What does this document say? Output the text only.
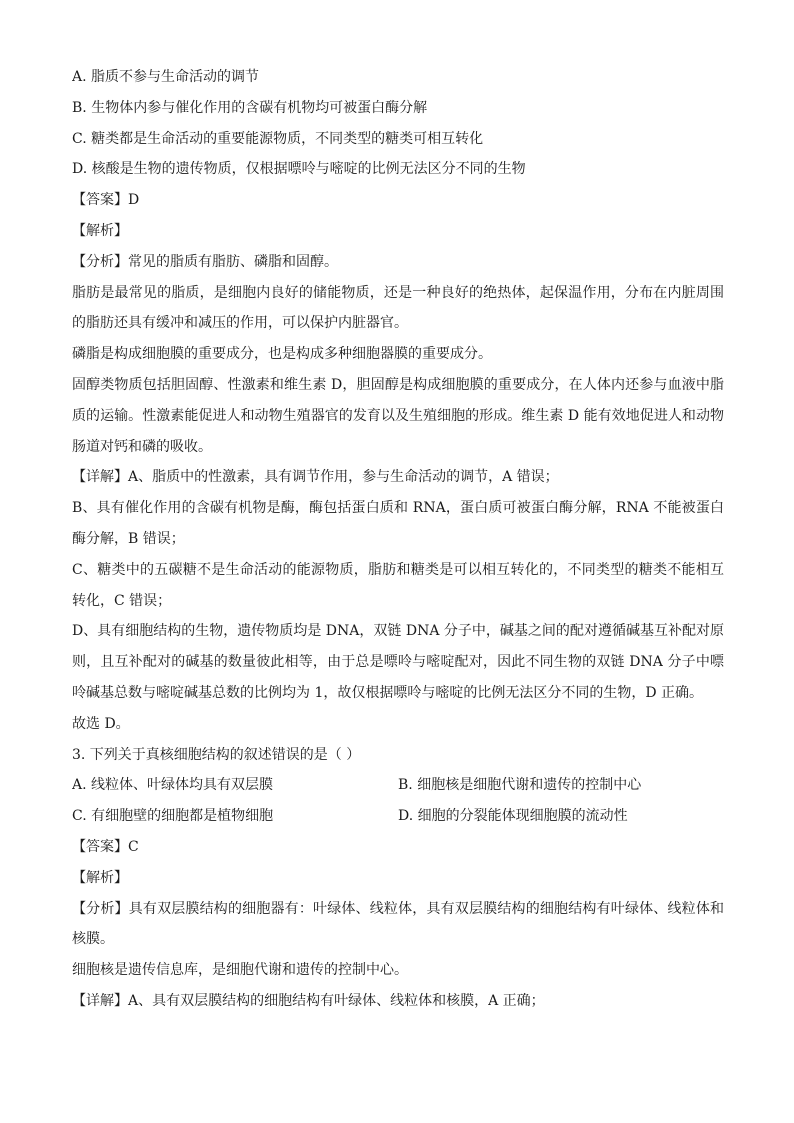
A. 脂质不参与生命活动的调节
B. 生物体内参与催化作用的含碳有机物均可被蛋白酶分解
C. 糖类都是生命活动的重要能源物质，不同类型的糖类可相互转化
D. 核酸是生物的遗传物质，仅根据嘌呤与嘧啶的比例无法区分不同的生物
【答案】D
【解析】
【分析】常见的脂质有脂肪、磷脂和固醇。
脂肪是最常见的脂质，是细胞内良好的储能物质，还是一种良好的绝热体，起保温作用，分布在内脏周围的脂肪还具有缓冲和减压的作用，可以保护内脏器官。
磷脂是构成细胞膜的重要成分，也是构成多种细胞器膜的重要成分。
固醇类物质包括胆固醇、性激素和维生素 D，胆固醇是构成细胞膜的重要成分，在人体内还参与血液中脂质的运输。性激素能促进人和动物生殖器官的发育以及生殖细胞的形成。维生素 D 能有效地促进人和动物肠道对钙和磷的吸收。
【详解】A、脂质中的性激素，具有调节作用，参与生命活动的调节，A 错误；
B、具有催化作用的含碳有机物是酶，酶包括蛋白质和 RNA，蛋白质可被蛋白酶分解，RNA 不能被蛋白酶分解，B 错误；
C、糖类中的五碳糖不是生命活动的能源物质，脂肪和糖类是可以相互转化的，不同类型的糖类不能相互转化，C 错误；
D、具有细胞结构的生物，遗传物质均是 DNA，双链 DNA 分子中，碱基之间的配对遵循碱基互补配对原则，且互补配对的碱基的数量彼此相等，由于总是嘌呤与嘧啶配对，因此不同生物的双链 DNA 分子中嘌呤碱基总数与嘧啶碱基总数的比例均为 1，故仅根据嘌呤与嘧啶的比例无法区分不同的生物，D 正确。
故选 D。
3. 下列关于真核细胞结构的叙述错误的是（ ）
A. 线粒体、叶绿体均具有双层膜	B. 细胞核是细胞代谢和遗传的控制中心
C. 有细胞壁的细胞都是植物细胞	D. 细胞的分裂能体现细胞膜的流动性
【答案】C
【解析】
【分析】具有双层膜结构的细胞器有：叶绿体、线粒体，具有双层膜结构的细胞结构有叶绿体、线粒体和核膜。
细胞核是遗传信息库，是细胞代谢和遗传的控制中心。
【详解】A、具有双层膜结构的细胞结构有叶绿体、线粒体和核膜，A 正确；
